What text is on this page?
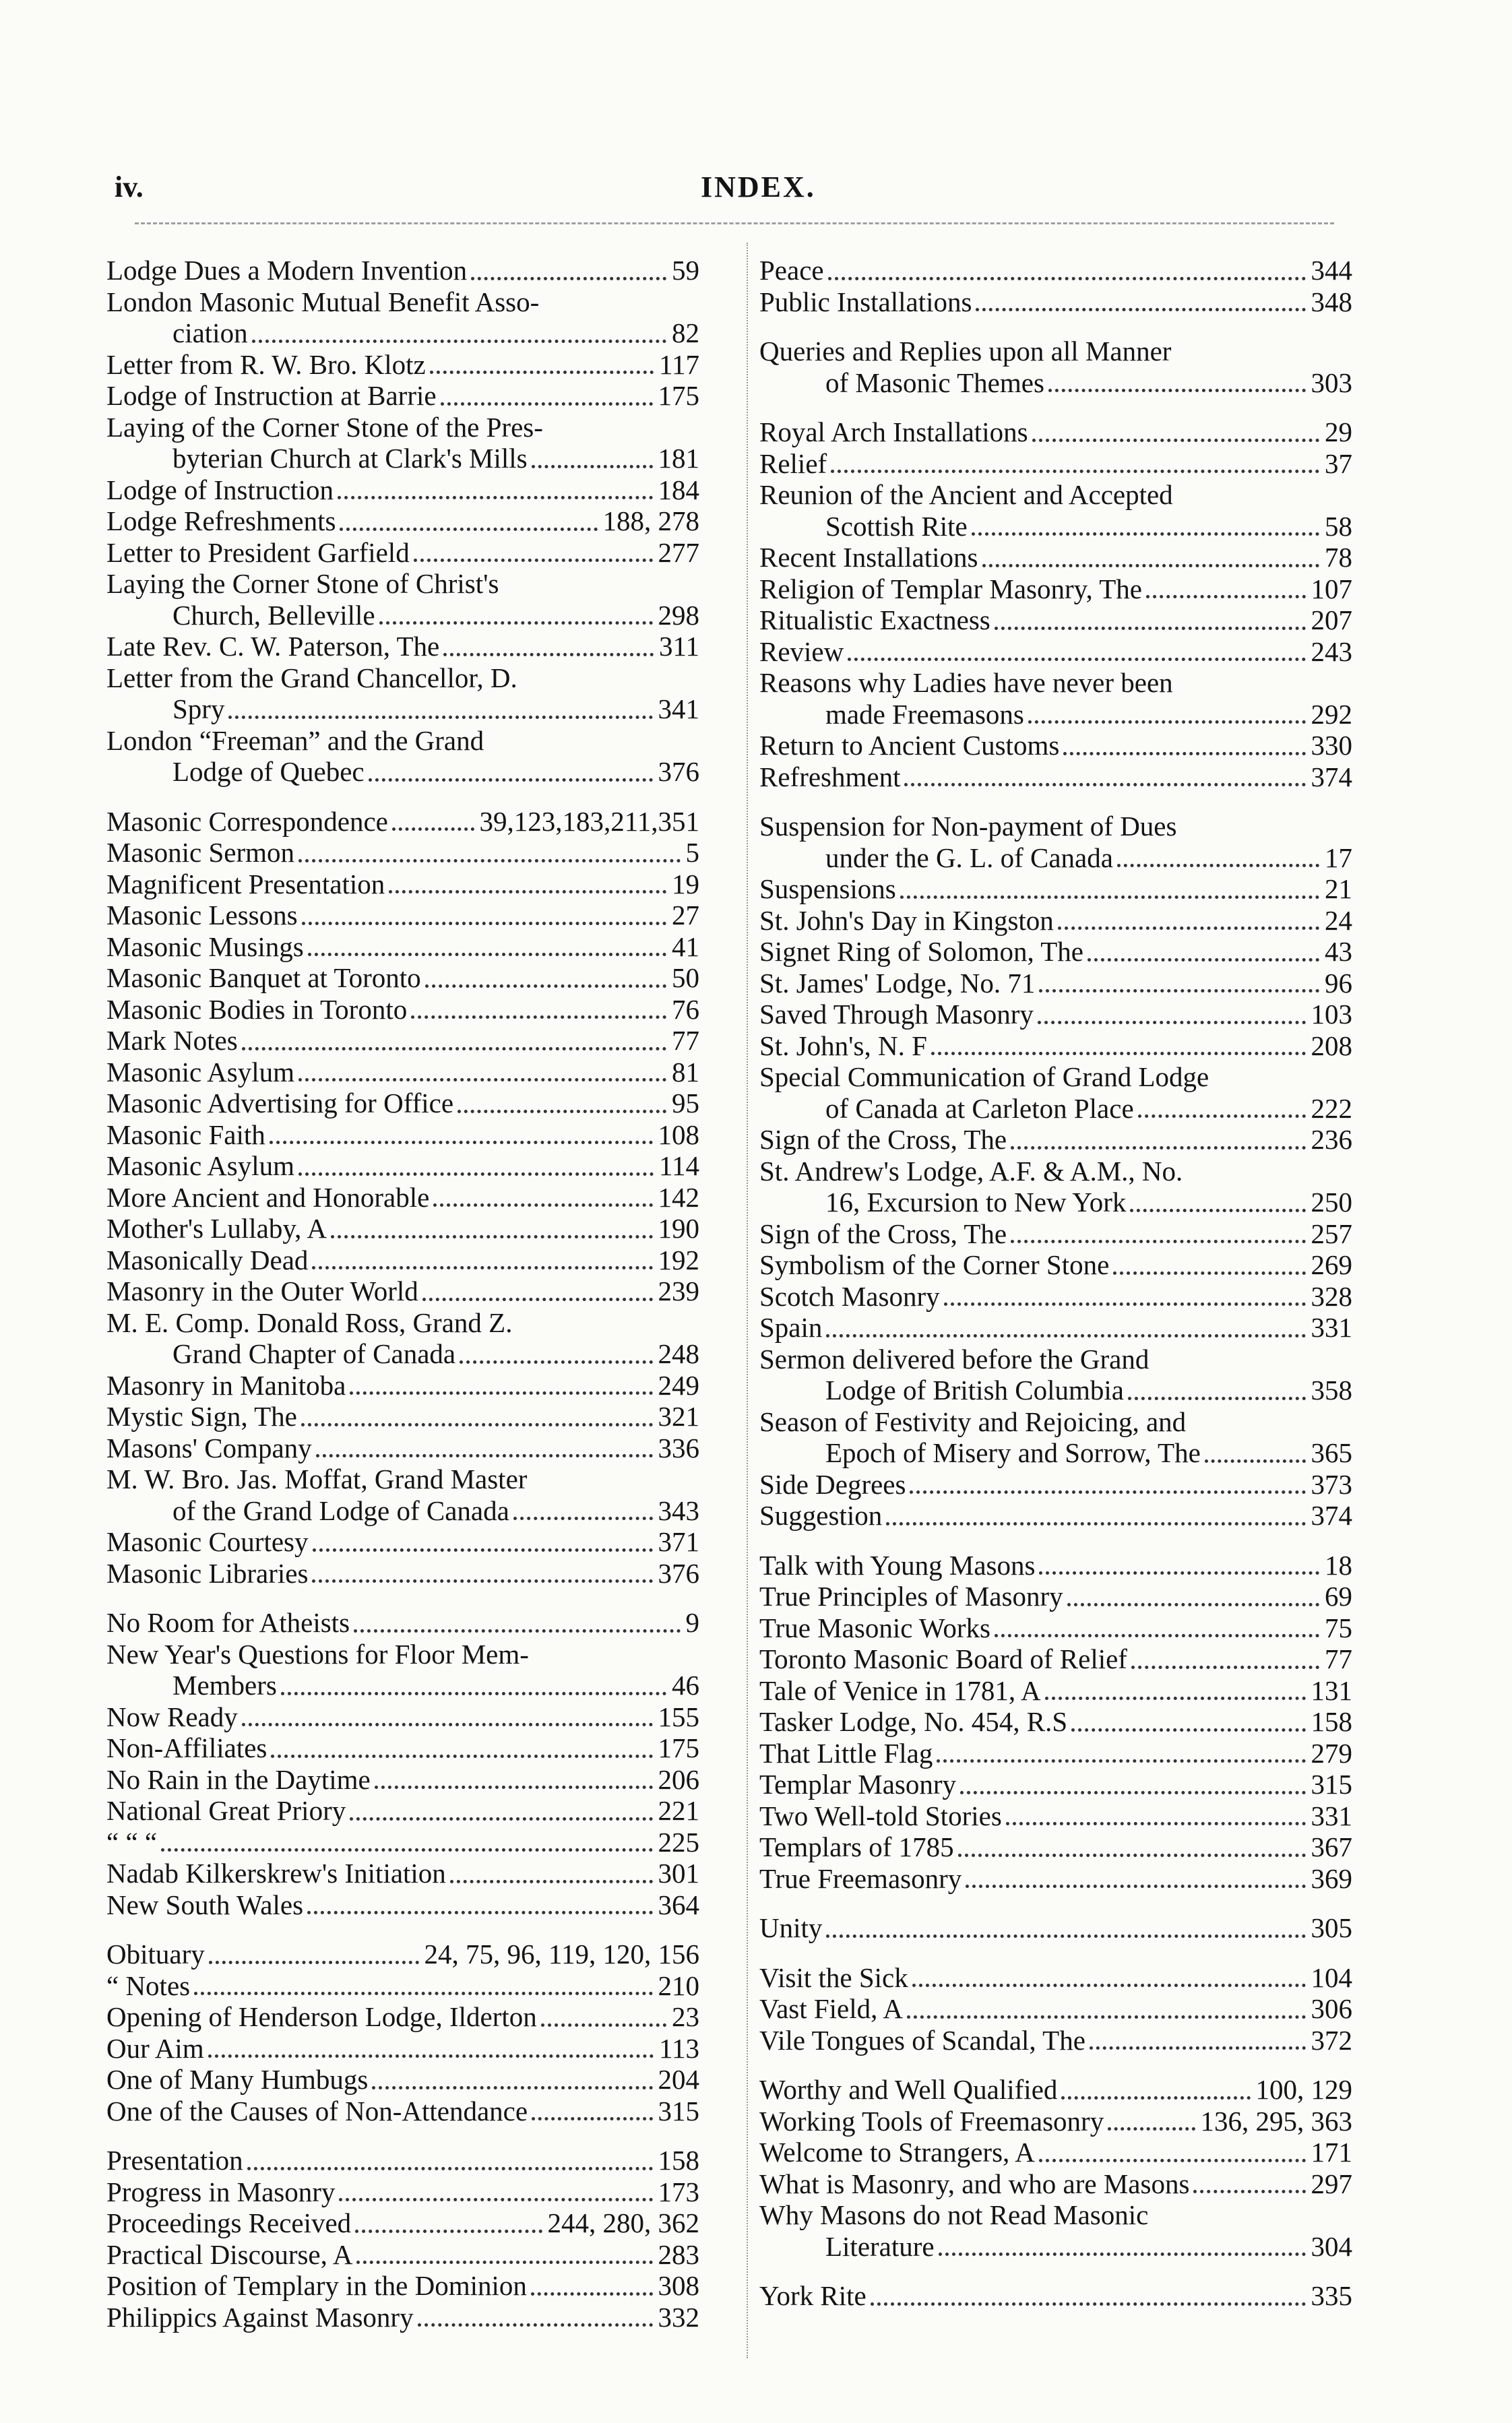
iv.	INDEX.
Lodge Dues a Modern Invention	59
London Masonic Mutual Benefit Asso-
ciation	82
Letter from R. W. Bro. Klotz	117
Lodge of Instruction at Barrie	175
Laying of the Corner Stone of the Pres-
byterian Church at Clark's Mills	181
Lodge of Instruction	184
Lodge Refreshments	188, 278
Letter to President Garfield	277
Laying the Corner Stone of Christ's
Church, Belleville	298
Late Rev. C. W. Paterson, The	311
Letter from the Grand Chancellor, D.
Spry	341
London “Freeman” and the Grand
Lodge of Quebec	376
Masonic Correspondence	39,123,183,211,351
Masonic Sermon	5
Magnificent Presentation	19
Masonic Lessons	27
Masonic Musings	41
Masonic Banquet at Toronto	50
Masonic Bodies in Toronto	76
Mark Notes	77
Masonic Asylum	81
Masonic Advertising for Office	95
Masonic Faith	108
Masonic Asylum	114
More Ancient and Honorable	142
Mother's Lullaby, A	190
Masonically Dead	192
Masonry in the Outer World	239
M. E. Comp. Donald Ross, Grand Z.
Grand Chapter of Canada	248
Masonry in Manitoba	249
Mystic Sign, The	321
Masons' Company	336
M. W. Bro. Jas. Moffat, Grand Master
of the Grand Lodge of Canada	343
Masonic Courtesy	371
Masonic Libraries	376
No Room for Atheists	9
New Year's Questions for Floor Mem-
Members	46
Now Ready	155
Non-Affiliates	175
No Rain in the Daytime	206
National Great Priory	221
“ “ “	225
Nadab Kilkerskrew's Initiation	301
New South Wales	364
Obituary	24, 75, 96, 119, 120, 156
“ Notes	210
Opening of Henderson Lodge, Ilderton	23
Our Aim	113
One of Many Humbugs	204
One of the Causes of Non-Attendance	315
Presentation	158
Progress in Masonry	173
Proceedings Received	244, 280, 362
Practical Discourse, A	283
Position of Templary in the Dominion	308
Philippics Against Masonry	332
Peace	344
Public Installations	348
Queries and Replies upon all Manner
of Masonic Themes	303
Royal Arch Installations	29
Relief	37
Reunion of the Ancient and Accepted
Scottish Rite	58
Recent Installations	78
Religion of Templar Masonry, The	107
Ritualistic Exactness	207
Review	243
Reasons why Ladies have never been
made Freemasons	292
Return to Ancient Customs	330
Refreshment	374
Suspension for Non-payment of Dues
under the G. L. of Canada	17
Suspensions	21
St. John's Day in Kingston	24
Signet Ring of Solomon, The	43
St. James' Lodge, No. 71	96
Saved Through Masonry	103
St. John's, N. F	208
Special Communication of Grand Lodge
of Canada at Carleton Place	222
Sign of the Cross, The	236
St. Andrew's Lodge, A.F. & A.M., No.
16, Excursion to New York	250
Sign of the Cross, The	257
Symbolism of the Corner Stone	269
Scotch Masonry	328
Spain	331
Sermon delivered before the Grand
Lodge of British Columbia	358
Season of Festivity and Rejoicing, and
Epoch of Misery and Sorrow, The	365
Side Degrees	373
Suggestion	374
Talk with Young Masons	18
True Principles of Masonry	69
True Masonic Works	75
Toronto Masonic Board of Relief	77
Tale of Venice in 1781, A	131
Tasker Lodge, No. 454, R.S	158
That Little Flag	279
Templar Masonry	315
Two Well-told Stories	331
Templars of 1785	367
True Freemasonry	369
Unity	305
Visit the Sick	104
Vast Field, A	306
Vile Tongues of Scandal, The	372
Worthy and Well Qualified	100, 129
Working Tools of Freemasonry	136, 295, 363
Welcome to Strangers, A	171
What is Masonry, and who are Masons	297
Why Masons do not Read Masonic
Literature	304
York Rite	335
